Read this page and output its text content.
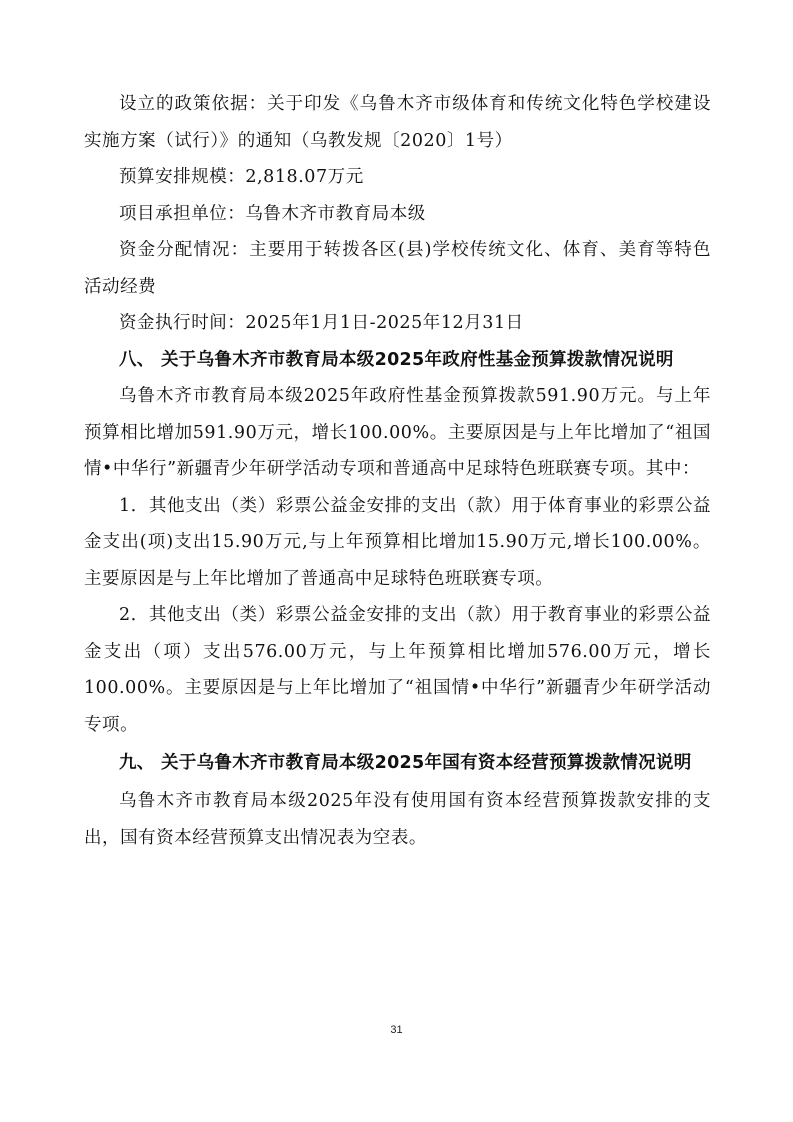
设立的政策依据：关于印发《乌鲁木齐市级体育和传统文化特色学校建设实施方案（试行）》的通知（乌教发规〔2020〕1号）

预算安排规模：2,818.07万元

项目承担单位：乌鲁木齐市教育局本级

资金分配情况：主要用于转拨各区(县)学校传统文化、体育、美育等特色活动经费

资金执行时间：2025年1月1日-2025年12月31日

八、 关于乌鲁木齐市教育局本级2025年政府性基金预算拨款情况说明

乌鲁木齐市教育局本级2025年政府性基金预算拨款591.90万元。与上年预算相比增加591.90万元，增长100.00%。主要原因是与上年比增加了“祖国情•中华行”新疆青少年研学活动专项和普通高中足球特色班联赛专项。其中：

1．其他支出（类）彩票公益金安排的支出（款）用于体育事业的彩票公益金支出(项)支出15.90万元,与上年预算相比增加15.90万元,增长100.00%。主要原因是与上年比增加了普通高中足球特色班联赛专项。

2．其他支出（类）彩票公益金安排的支出（款）用于教育事业的彩票公益金支出（项）支出576.00万元，与上年预算相比增加576.00万元，增长100.00%。主要原因是与上年比增加了“祖国情•中华行”新疆青少年研学活动专项。

九、 关于乌鲁木齐市教育局本级2025年国有资本经营预算拨款情况说明

乌鲁木齐市教育局本级2025年没有使用国有资本经营预算拨款安排的支出，国有资本经营预算支出情况表为空表。

31
